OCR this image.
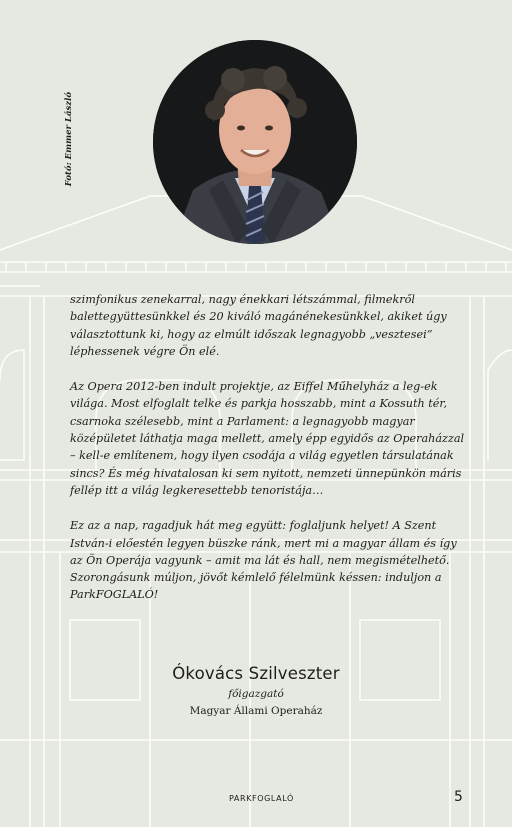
Fotó: Emmer László

szimfonikus zenekarral, nagy énekkari létszámmal, filmekről balettegyüttesünkkel és 20 kiváló magánénekesünkkel, akiket úgy választottunk ki, hogy az elmúlt időszak legnagyobb „vesztesei” léphessenek végre Ön elé.

Az Opera 2012-ben indult projektje, az Eiffel Műhelyház a leg-ek világa. Most elfoglalt telke és parkja hosszabb, mint a Kossuth tér, csarnoka szélesebb, mint a Parlament: a legnagyobb magyar középületet láthatja maga mellett, amely épp egyidős az Operaházzal – kell-e említenem, hogy ilyen csodája a világ egyetlen társulatának sincs? És még hivatalosan ki sem nyitott, nemzeti ünnepünkön máris fellép itt a világ legkeresettebb tenoristája…

Ez az a nap, ragadjuk hát meg együtt: foglaljunk helyet! A Szent István-i előestén legyen büszke ránk, mert mi a magyar állam és így az Ön Operája vagyunk – amit ma lát és hall, nem megismételhető. Szorongásunk múljon, jövőt kémlelő félelmünk késsen: induljon a ParkFOGLALÓ!

Ókovács Szilveszter
főigazgató
Magyar Állami Operaház
PARKFOGLALÓ	5
